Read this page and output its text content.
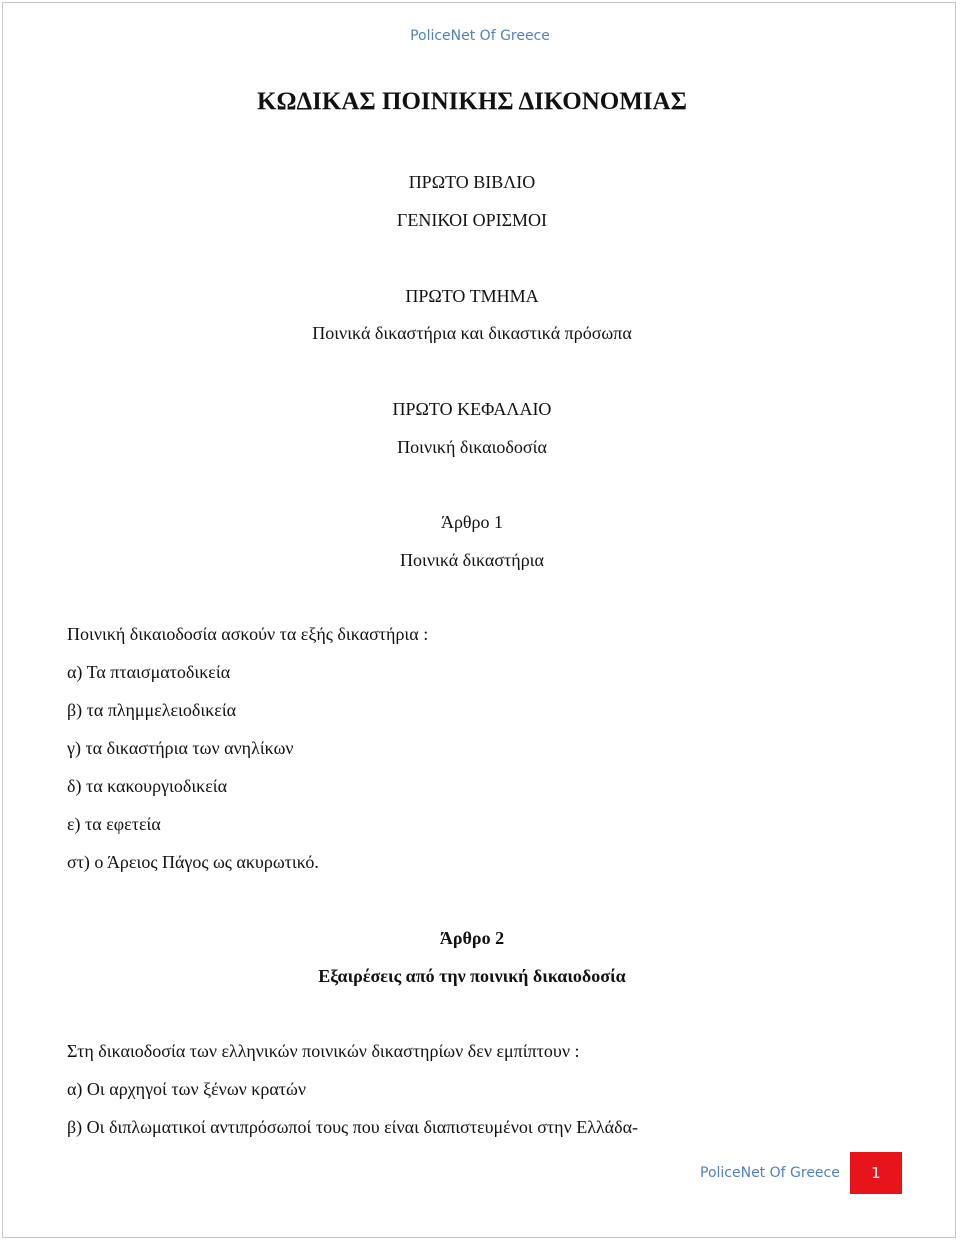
PoliceNet Of Greece
ΚΩΔΙΚΑΣ ΠΟΙΝΙΚΗΣ ΔΙΚΟΝΟΜΙΑΣ
ΠΡΩΤΟ ΒΙΒΛΙΟ
ΓΕΝΙΚΟΙ ΟΡΙΣΜΟΙ
ΠΡΩΤΟ ΤΜΗΜΑ
Ποινικά δικαστήρια και δικαστικά πρόσωπα
ΠΡΩΤΟ ΚΕΦΑΛΑΙΟ
Ποινική δικαιοδοσία
Άρθρο 1
Ποινικά δικαστήρια
Ποινική δικαιοδοσία ασκούν τα εξής δικαστήρια :
α) Τα πταισματοδικεία
β) τα πλημμελειοδικεία
γ) τα δικαστήρια των ανηλίκων
δ) τα κακουργιοδικεία
ε) τα εφετεία
στ) ο Άρειος Πάγος ως ακυρωτικό.
Άρθρο 2
Εξαιρέσεις από την ποινική δικαιοδοσία
Στη δικαιοδοσία των ελληνικών ποινικών δικαστηρίων δεν εμπίπτουν :
α) Οι αρχηγοί των ξένων κρατών
β) Οι διπλωματικοί αντιπρόσωποί τους που είναι διαπιστευμένοι στην Ελλάδα-
PoliceNet Of Greece	1
